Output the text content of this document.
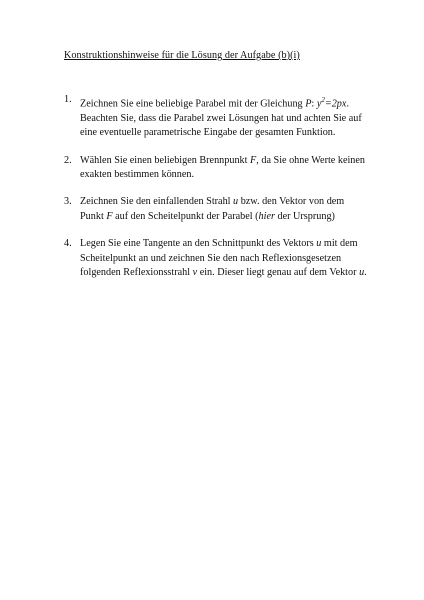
Konstruktionshinweise für die Lösung der Aufgabe (b)(i)
1. Zeichnen Sie eine beliebige Parabel mit der Gleichung P: $y^2=2px$.
Beachten Sie, dass die Parabel zwei Lösungen hat und achten Sie auf
eine eventuelle parametrische Eingabe der gesamten Funktion.
2. Wählen Sie einen beliebigen Brennpunkt F, da Sie ohne Werte keinen
exakten bestimmen können.
3. Zeichnen Sie den einfallenden Strahl u bzw. den Vektor von dem
Punkt F auf den Scheitelpunkt der Parabel (hier der Ursprung)
4. Legen Sie eine Tangente an den Schnittpunkt des Vektors u mit dem
Scheitelpunkt an und zeichnen Sie den nach Reflexionsgesetzen
folgenden Reflexionsstrahl v ein. Dieser liegt genau auf dem Vektor u.
